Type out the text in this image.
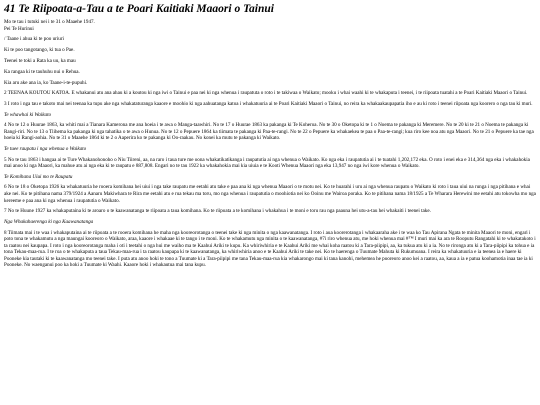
41 Te Riipoata-a-Tau a te Poari Kaitiaki Maaori o Tainui

Mo te tau i tutuki nei i te 31 o Maaehe 1947.

Pei Te Hurinui

/ Taane i ahua ki te poo uriuri

Ki te poo tangotango, ki tua o Pae.

Teenei te toki a Rata ka uu, ka mau

Ka rangaa ki te tauhuhu nui o Rehua.

Kia aru ake ana ia, ko Taane-i-te-pupuhi.

2 TEENAA KOUTOU KATOA. E whakanui atu ana ahau ki a koutou ki nga iwi o Tainui e paa nei ki nga whenua i raupatuta o roto i te takiwaa o Waikato; mooku i whai waahi ki te whakaputa i teenei, i te riipoata tuatahi a te Poari Kaitiaki Maaori o Tainui.

3 I roto i nga tau e takoto mai nei teenaa ka tupu ake nga whakataturanga kaaore e moohio ki nga aahuatanga katoa i whakatuuria ai te Poari Kaitiaki Maaori o Tainui, no reira ka whakaakaupapatia iho e au ki roto i teenei riipoata nga koorero o nga tau ki muri.

Te whawhai ki Waikato

4 No te 12 o Huurae 1863, ka whiti mai a Tianara Kamerona me ana hoeia i te awa o Manga-taawhiri. No te 17 o Huurae 1863 ka pakanga ki Te Koheroa. No te 30 o Oketopa ki te 1 o Noema te pakanga ki Meremere. No te 20 ki te 21 o Noema te pakanga ki Rangi-riri. No te 13 o Tiihema ka pakanga ki nga tahatika o te awa o Hunua. No te 12 o Pepuere 1864 ka tiimata te pakanga ki Paa-te-rangi. No te 22 o Pepuere ka whakaekea te paa o Paa-te-rangi; kua riro kee noa atu nga Maaori. No te 21 o Pepuere ka tae nga hoeia ki Rangi-aohia. No te 31 o Maaehe 1864 ki te 2 o Aaperira ko te pakanga ki Oo-raakau. No konei ka mutu te pakanga ki Waikato.

Te tuee raupatu i nga whenua o Waikato

5 No te tau 1863 i hangaa ai te Ture Whakanohonoho o Niu Tiireni, aa, na raro i taua ture me oona whakatikatikanga i raupatutia ai nga whenua o Waikato. Ko nga eka i raupatutia ai i te tuatahi 1,202,172 eka. O roto i enei eka e 314,364 nga eka i whakahokia mai anoo ki nga Maaori, ka mahue atu ai nga eka ki te raupatu e 887,808. Engari no te tau 1922 ka whakahokia mai kia uiuia e te Kooti Whenua Maaori nga eka 13,947 no nga iwi kore whenua o Waikato.

Te Komihana Uiui mo te Raupatu

6 No te 18 o Oketopa 1926 ka whakatuuria he rooera komihana hei uiui i nga take raupatu me eetahi atu take e paa ana ki nga whenua Maaori o te motu nei. Ko te huarahi i uru ai nga whenua raupatu o Waikato ki roto i taua uiui na runga i nga pitihana e whai ake nei. Ko te pitihana nama 379/1924 a Aanaru Makiwhara te Rira me eetahi atu e rua tekau ma toru, mo nga whenua i raupatutia o moohiotia nei ko Ooinu me Wairoa poraka. Ko te pitihana nama 18/1925 a Te Wharara Herewini me eetahi atu tokowha mo nga kereeme e paa ana ki nga whenua i raupatutia o Waikato.

7 No te Huune 1927 ka whakaputaina ki te aroaro o te kaawanatanga te riipoata a taua komihana. Ko te riipoata a te komihana i whakahua i te moni e toru rau nga paauna hei utu-a-tau hei whakaiti i teenei take.

Nga Whakahaerenga ki nga Kaawanatanga

8 Tiimata mai i te waa i whakaputaina ai te riipoata a te rooera komihana he maha nga kooreorotanga o teenei take ki nga minita o nga kaawanatanga. I roto i aua koorerotanga i whakaaraha ake i te waa ko Tau Apirana Ngata te minita Maaori te moni, engari i poto tona te whakamutu a nga maungai kooreoro o Waikato, araa, kaaore i whakaae ki te tango i te moni. Ko te whakamutu nga minita o te kaawanatanga, #7i riro whenua atu, me hoki whenua mai #™ I muri mai ka ara te Rooputu Rangatahi ki te whakatakoto i ta raatou nei kaupapa. I roto i nga kooreorotanga maha i oti i teetahi o nga hui me waiho ma te Kaahui Ariki te kupu. Ka whiriwhiria e te Kaahui Ariki me whai koha raatou ki a Tara-piipipi, aa, ka tukua atu ki a ia. No te rironga atu ki a Tara-piipipi ka tohua e ia tona Tekau-maa-rua. I te roa o te whakaputa a taua Tekau-maa-rua i ta raatou kaupapa ki te kaawanatanga, ka whiriwhiria anoo e te Kaahui Ariki te take nei. Ko te haerenga o Tuumate Mahuta ki Rukumoana. I reira ka whakatuuria e ia teenea ia e haere ki Pooneke kia tautaki ki te kaawanatanga mo teenei take. I puta atu anoo hoki te tono a Tuumate ki a Tara-piipipi me tana Tekau-maa-rua kia whakarongo mai ki tana kanohi, mehemea he pooreoro anoo kei a raatou, aa, kaua a ia e patua koohamotia inaa tae ia ki Pooneke. No waenganui poo ka hoki a Tuumate ki Waahi. Kaaore hoki i whakautua mai tana kupu.
